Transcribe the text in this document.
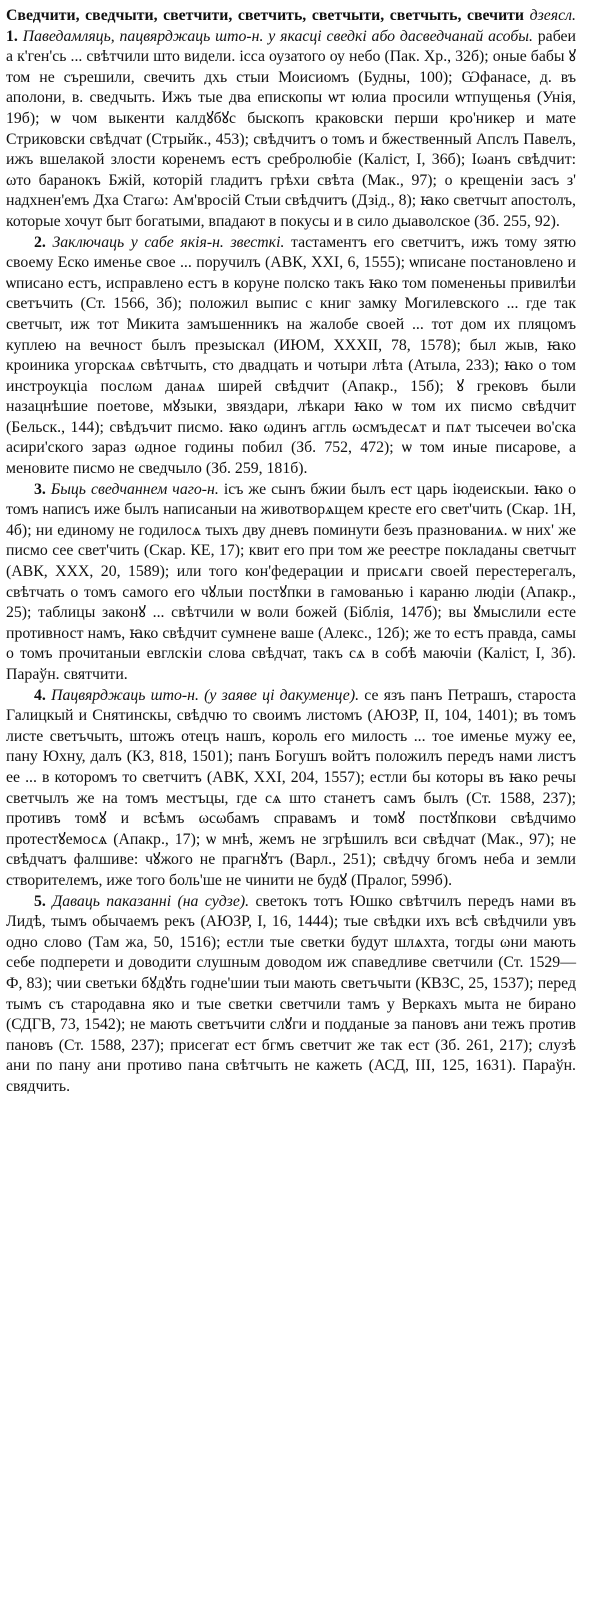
Сведчити, сведчыти, светчити, светчить, светчыти, светчыть, свечити дзеясл. 1. Паведамляць, пацвярджаць што-н. у якасці сведкі або дасведчанай асобы. рабеи а к'ген'сь ... свѣтчили што видели. ісса оузатого оу небо (Пак. Хр., 32б); оные бабы ꙋ том не сърешили, свечить дхь стыи Моисиомъ (Будны, 100); Ѡфанасе, д. въ аполони, в. сведчыть. Ижъ тые два епископы ѡт юлиа просили ѡтпущенья (Унія, 19б); ѡ чом выкенти калдꙋбꙋс быскопъ краковски перши кро'никер и мате Стриковски свѣдчат (Стрыйк., 453); свѣдчитъ о томъ и бжественный Апслъ Павелъ, ижъ вшелакой злости коренемъ естъ сребролюбіе (Каліст, I, 36б); Іωанъ свѣдчит: ωто баранокъ Бжій, которій гладитъ грѣхи свѣта (Мак., 97); о крещеніи засъ з' надхнен'емъ Дха Стагω: Ам'вросій Стыи свѣдчитъ (Дзід., 8); ꙗко светчыт апостолъ, которые хочут быт богатыми, впадают в покусы и в сило дыаволское (Зб. 255, 92).

2. Заключаць у сабе якія-н. звесткі. тастаментъ его светчитъ, ижъ тому зятю своему Еско именье свое ... поручилъ (АВК, XXI, 6, 1555); ѡписане постановлено и ѡписано естъ, исправлено естъ в коруне полско такъ ꙗко том помененьы привилѣи светъчить (Ст. 1566, 3б); положил выпис с книг замку Могилевского ... где так светчыт, иж тот Микита замъшенникъ на жалобе своей ... тот дом их пляцомъ куплею на вечност былъ презыскал (ИЮМ, XXXII, 78, 1578); был жыв, ꙗко кроиника угорскаѧ свѣтчыть, сто двадцать и чотыри лѣта (Атыла, 233); ꙗко о том инстроукцiа послωм данаѧ ширей свѣдчит (Апакр., 15б); ꙋ грековъ были назацнѣшие поетове, мꙋзыки, звяздари, лѣкари ꙗко ѡ том их писмо свѣдчит (Бельск., 144); свѣдъчит писмо. ꙗко ωдинъ аггль ωсмъдесѧт и пѧт тысечеи во'ска асири'ского зараз ωдное годины побил (Зб. 752, 472); ѡ том иные писарове, а меновите писмо не сведчыло (Зб. 259, 181б).

3. Быць сведчаннем чаго-н. ісъ же сынъ бжии былъ ест царь іюдеискыи. ꙗко о томъ написъ иже былъ написаныи на животворѧщем кресте его свет'чить (Скар. 1Н, 4б); ни единому не годилосѧ тыхъ дву дневъ поминути безъ празнованиѧ. ѡ них' же писмо сее свет'чить (Скар. КЕ, 17); квит его при том же реестре покладаны светчыт (АВК, XXX, 20, 1589); или того кон'федерации и присѧги своей перестерегалъ, свѣтчать о томъ самого его чꙋлыи постꙋпки в гамованью і караню людіи (Апакр., 25); таблицы законꙋ ... свѣтчили ѡ воли божей (Біблія, 147б); вы ꙋмыслили есте противност намъ, ꙗко свѣдчит сумнене ваше (Алекс., 12б); же то естъ правда, самы о томъ прочитаныи евглскіи слова свѣдчат, такъ сѧ в собѣ маючіи (Каліст, I, 3б). Параўн. святчити.

4. Пацвярджаць што-н. (у заяве ці дакуменце). се язъ панъ Петрашъ, староста Галицкый и Снятинскы, свѣдчю то своимъ листомъ (АЮЗР, II, 104, 1401); въ томъ листе светъчыть, штожъ отецъ нашъ, король его милость ... тое именье мужу ее, пану Юхну, далъ (КЗ, 818, 1501); панъ Богушъ войтъ положилъ передъ нами листъ ее ... в которомъ то светчитъ (АВК, XXI, 204, 1557); естли бы которы въ ꙗко речы светчылъ же на томъ местъцы, где сѧ што станетъ самъ былъ (Ст. 1588, 237); противъ томꙋ и всѣмъ ωсωбамъ справамъ и томꙋ постꙋпкови свѣдчимо протестꙋемосѧ (Апакр., 17); ѡ мнѣ, жемъ не згрѣшилъ вси свѣдчат (Мак., 97); не свѣдчатъ фалшиве: чꙋжого не прагнꙋтъ (Варл., 251); свѣдчу бгомъ неба и земли створителемъ, иже того боль'ше не чинити не будꙋ (Пралог, 599б).

5. Даваць паказанні (на судзе). светокъ тотъ Юшко свѣтчилъ передъ нами въ Лидѣ, тымъ обычаемъ рекъ (АЮЗР, I, 16, 1444); тые свѣдки ихъ всѣ свѣдчили увъ одно слово (Там жа, 50, 1516); естли тые светки будут шлѧхта, тогды ωни мають себе подперети и доводити слушным доводом иж спаведливе светчили (Ст. 1529—Ф, 83); чии светьки бꙋдꙋть годне'шии тыи мають светъчыти (КВЗС, 25, 1537); перед тымъ съ стародавна яко и тые светки светчили тамъ у Веркахъ мыта не бирано (СДГВ, 73, 1542); не мають светъчити слꙋги и подданые за пановъ ани тежъ против пановъ (Ст. 1588, 237); присегат ест бгмъ светчит же так ест (Зб. 261, 217); слузѣ ани по пану ани противо пана свѣтчыть не кажеть (АСД, III, 125, 1631). Параўн. свядчить.
